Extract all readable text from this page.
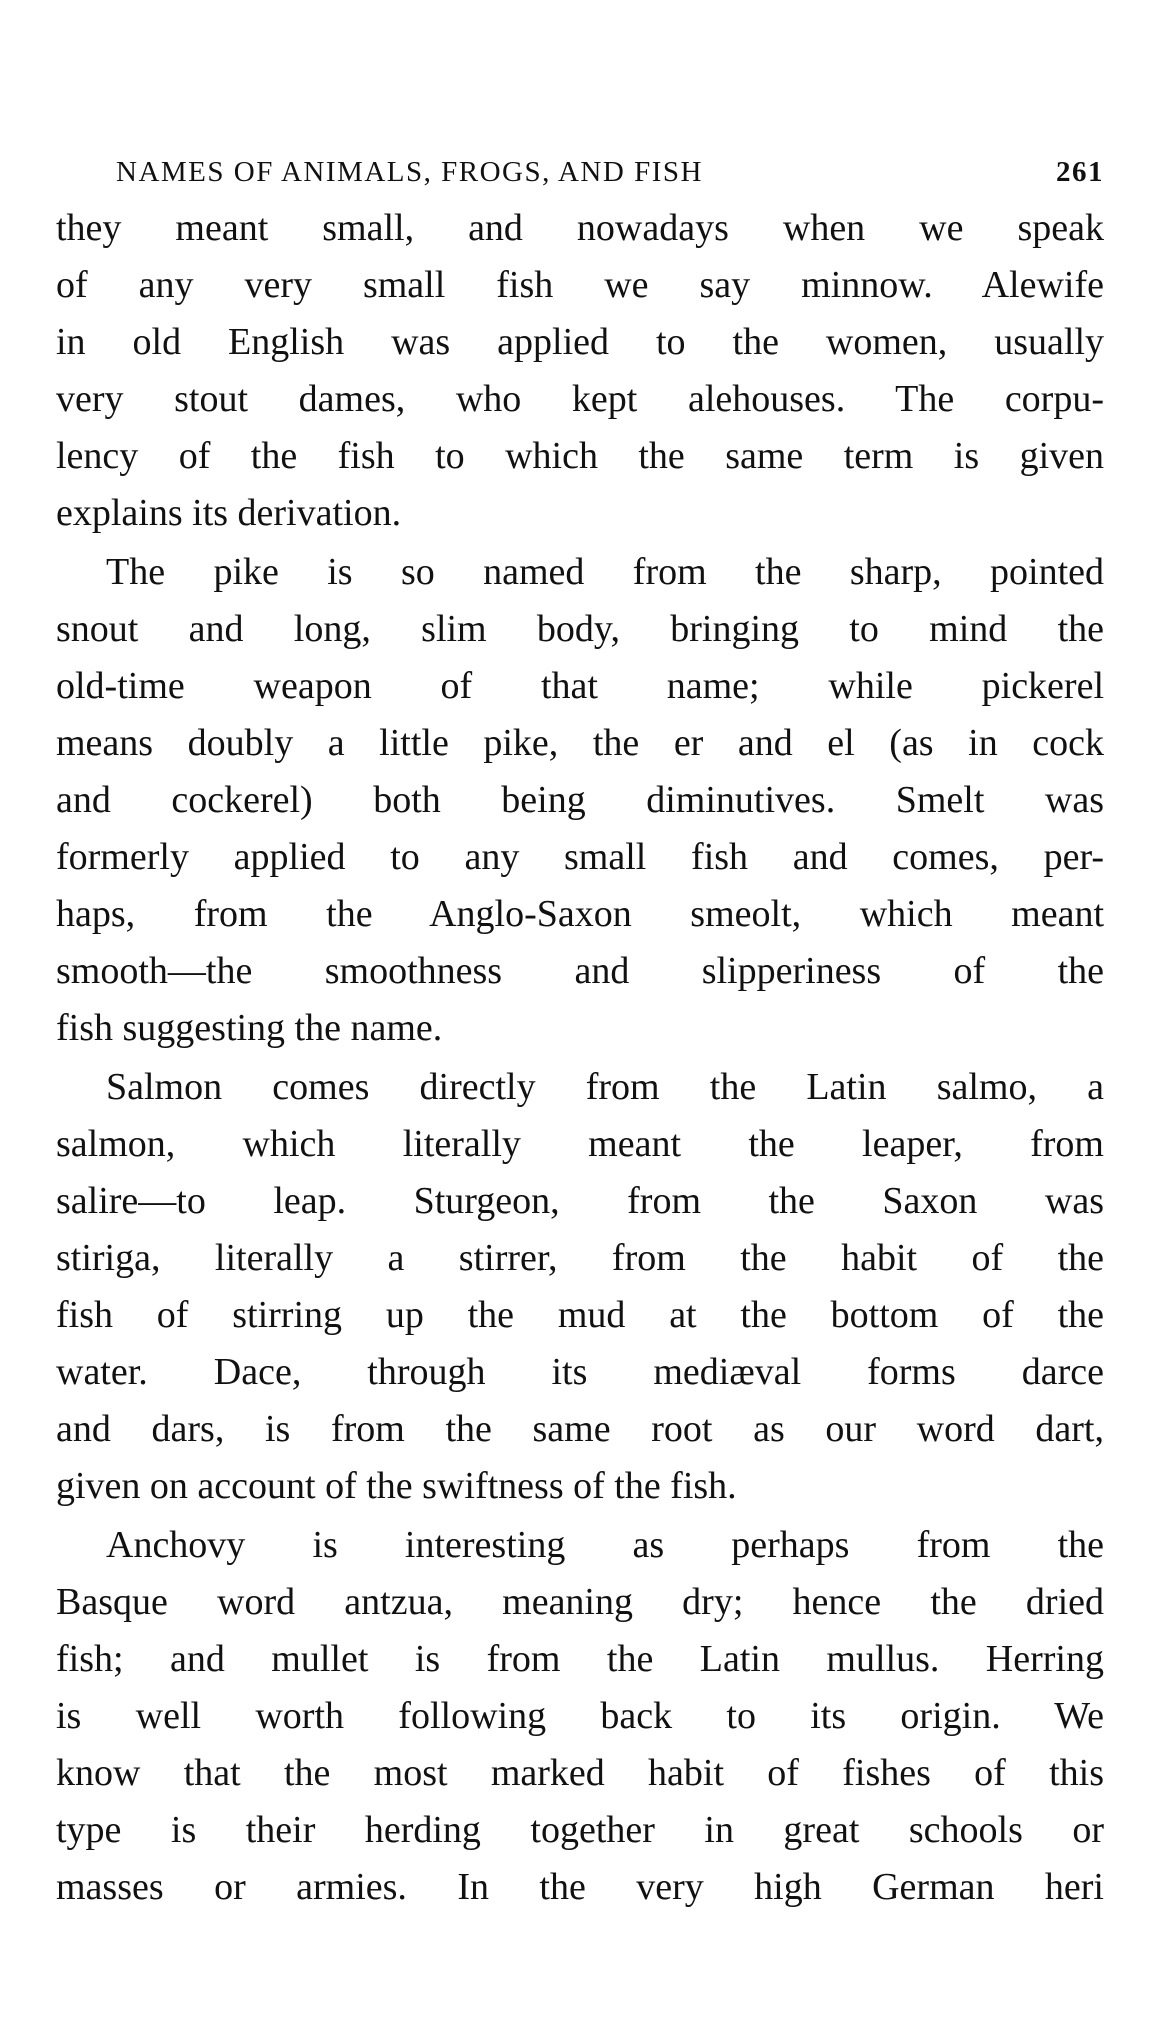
NAMES OF ANIMALS, FROGS, AND FISH	261
they meant small, and nowadays when we speak
of any very small fish we say minnow. Alewife
in old English was applied to the women, usually
very stout dames, who kept alehouses. The corpu-
lency of the fish to which the same term is given
explains its derivation.
The pike is so named from the sharp, pointed
snout and long, slim body, bringing to mind the
old-time weapon of that name; while pickerel
means doubly a little pike, the er and el (as in cock
and cockerel) both being diminutives. Smelt was
formerly applied to any small fish and comes, per-
haps, from the Anglo-Saxon smeolt, which meant
smooth—the smoothness and slipperiness of the
fish suggesting the name.
Salmon comes directly from the Latin salmo, a
salmon, which literally meant the leaper, from
salire—to leap. Sturgeon, from the Saxon was
stiriga, literally a stirrer, from the habit of the
fish of stirring up the mud at the bottom of the
water. Dace, through its mediæval forms darce
and dars, is from the same root as our word dart,
given on account of the swiftness of the fish.
Anchovy is interesting as perhaps from the
Basque word antzua, meaning dry; hence the dried
fish; and mullet is from the Latin mullus. Herring
is well worth following back to its origin. We
know that the most marked habit of fishes of this
type is their herding together in great schools or
masses or armies. In the very high German heri
